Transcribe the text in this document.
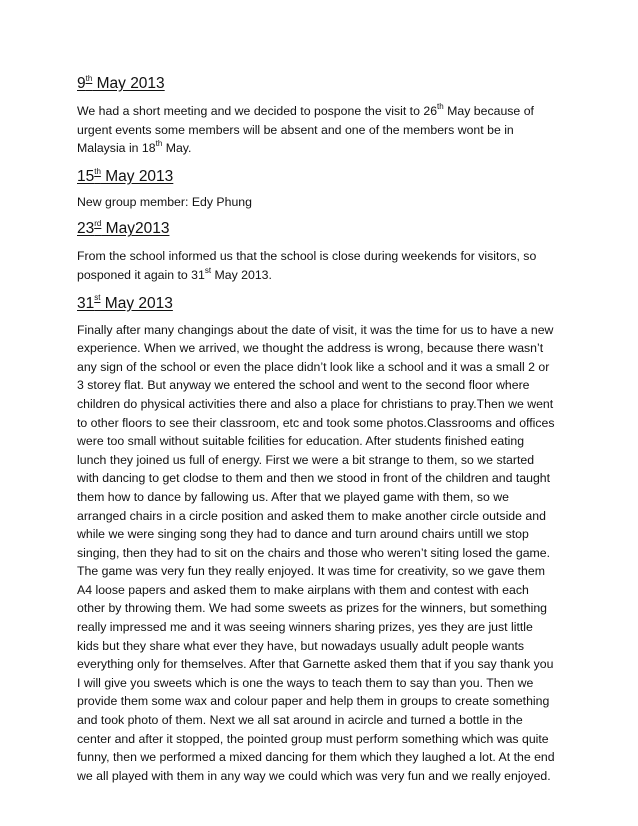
9th May 2013

We had a short meeting and we decided to pospone the visit to 26th May because of
urgent events some members will be absent and one of the members wont be in
Malaysia in 18th May.

15th May 2013

New group member: Edy Phung

23rd May2013

From the school informed us that the school is close during weekends for visitors, so
posponed it again to 31st May 2013.

31st May 2013

Finally after many changings about the date of visit, it was the time for us to have a new
experience. When we arrived, we thought the address is wrong, because there wasn’t
any sign of the school or even the place didn’t look like a school and it was a small 2 or
3 storey flat. But anyway we entered the school and went to the second floor where
children do physical activities there and also a place for christians to pray.Then we went
to other floors to see their classroom, etc and took some photos.Classrooms and offices
were too small without suitable fcilities for education. After students finished eating
lunch they joined us full of energy. First we were a bit strange to them, so we started
with dancing to get clodse to them and then we stood in front of the children and taught
them how to dance by fallowing us. After that we played game with them, so we
arranged chairs in a circle position and asked them to make another circle outside and
while we were singing song they had to dance and turn around chairs untill we stop
singing, then they had to sit on the chairs and those who weren’t siting losed the game.
The game was very fun they really enjoyed. It was time for creativity, so we gave them
A4 loose papers and asked them to make airplans with them and contest with each
other by throwing them. We had some sweets as prizes for the winners, but something
really impressed me and it was seeing winners sharing prizes, yes they are just little
kids but they share what ever they have, but nowadays usually adult people wants
everything only for themselves. After that Garnette asked them that if you say thank you
I will give you sweets which is one the ways to teach them to say than you. Then we
provide them some wax and colour paper and help them in groups to create something
and took photo of them. Next we all sat around in acircle and turned a bottle in the
center and after it stopped, the pointed group must perform something which was quite
funny, then we performed a mixed dancing for them which they laughed a lot. At the end
we all played with them in any way we could which was very fun and we really enjoyed.
